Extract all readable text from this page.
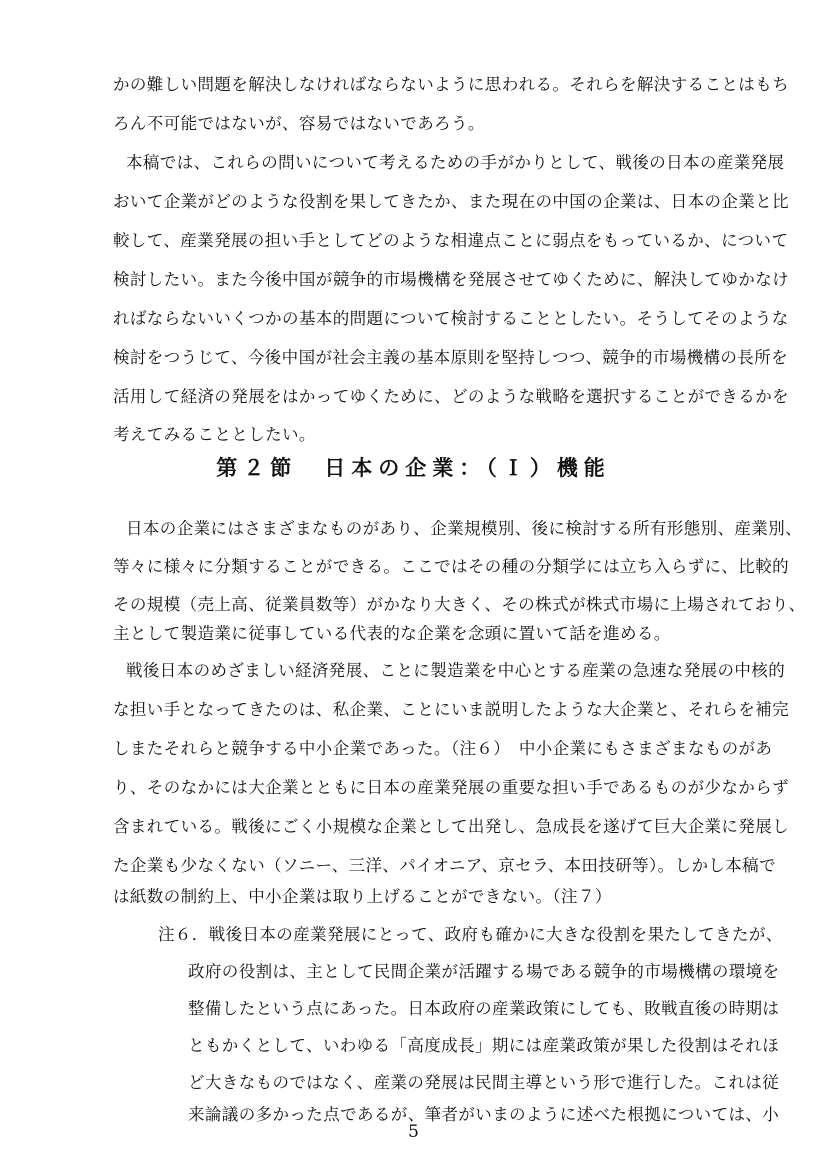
かの難しい問題を解決しなければならないように思われる。それらを解決することはもち
ろん不可能ではないが、容易ではないであろう。
本稿では、これらの問いについて考えるための手がかりとして、戦後の日本の産業発展
おいて企業がどのような役割を果してきたか、また現在の中国の企業は、日本の企業と比
較して、産業発展の担い手としてどのような相違点ことに弱点をもっているか、について
検討したい。また今後中国が競争的市場機構を発展させてゆくために、解決してゆかなけ
ればならないいくつかの基本的問題について検討することとしたい。そうしてそのような
検討をつうじて、今後中国が社会主義の基本原則を堅持しつつ、競争的市場機構の長所を
活用して経済の発展をはかってゆくために、どのような戦略を選択することができるかを
考えてみることとしたい。
第２節　日本の企業：（Ｉ）機能
日本の企業にはさまざまなものがあり、企業規模別、後に検討する所有形態別、産業別、
等々に様々に分類することができる。ここではその種の分類学には立ち入らずに、比較的
その規模（売上高、従業員数等）がかなり大きく、その株式が株式市場に上場されており、
主として製造業に従事している代表的な企業を念頭に置いて話を進める。
戦後日本のめざましい経済発展、ことに製造業を中心とする産業の急速な発展の中核的
な担い手となってきたのは、私企業、ことにいま説明したような大企業と、それらを補完
しまたそれらと競争する中小企業であった。（注６）　中小企業にもさまざまなものがあ
り、そのなかには大企業とともに日本の産業発展の重要な担い手であるものが少なからず
含まれている。戦後にごく小規模な企業として出発し、急成長を遂げて巨大企業に発展し
た企業も少なくない（ソニー、三洋、パイオニア、京セラ、本田技研等）。しかし本稿で
は紙数の制約上、中小企業は取り上げることができない。（注７）
注６．戦後日本の産業発展にとって、政府も確かに大きな役割を果たしてきたが、
政府の役割は、主として民間企業が活躍する場である競争的市場機構の環境を
整備したという点にあった。日本政府の産業政策にしても、敗戦直後の時期は
ともかくとして、いわゆる「高度成長」期には産業政策が果した役割はそれほ
ど大きなものではなく、産業の発展は民間主導という形で進行した。これは従
来論議の多かった点であるが、筆者がいまのように述べた根拠については、小
5
